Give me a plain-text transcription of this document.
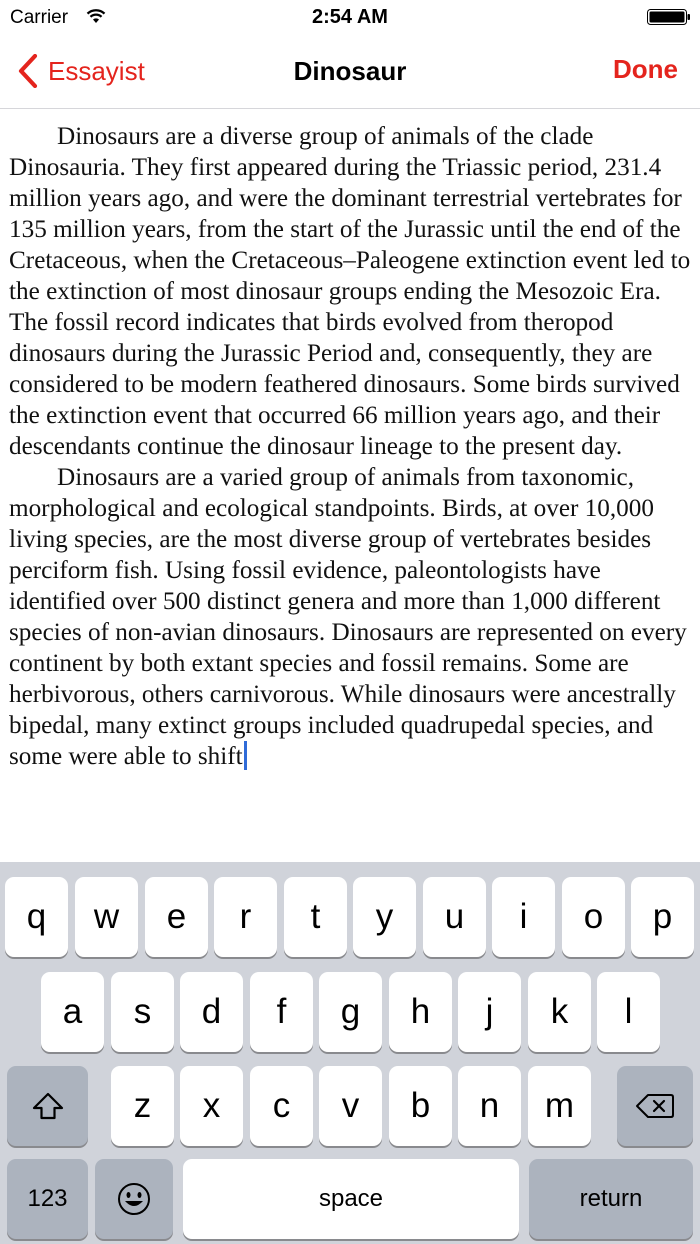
Carrier	2:54 AM
Essayist	Dinosaur	Done

Dinosaurs are a diverse group of animals of the clade Dinosauria. They first appeared during the Triassic period, 231.4 million years ago, and were the dominant terrestrial vertebrates for 135 million years, from the start of the Jurassic until the end of the Cretaceous, when the Cretaceous–Paleogene extinction event led to the extinction of most dinosaur groups ending the Mesozoic Era. The fossil record indicates that birds evolved from theropod dinosaurs during the Jurassic Period and, consequently, they are considered to be modern feathered dinosaurs. Some birds survived the extinction event that occurred 66 million years ago, and their descendants continue the dinosaur lineage to the present day.

Dinosaurs are a varied group of animals from taxonomic, morphological and ecological standpoints. Birds, at over 10,000 living species, are the most diverse group of vertebrates besides perciform fish. Using fossil evidence, paleontologists have identified over 500 distinct genera and more than 1,000 different species of non-avian dinosaurs. Dinosaurs are represented on every continent by both extant species and fossil remains. Some are herbivorous, others carnivorous. While dinosaurs were ancestrally bipedal, many extinct groups included quadrupedal species, and some were able to shift

q w e r t y u i o p
a s d f g h j k l
z x c v b n m
123	space	return
